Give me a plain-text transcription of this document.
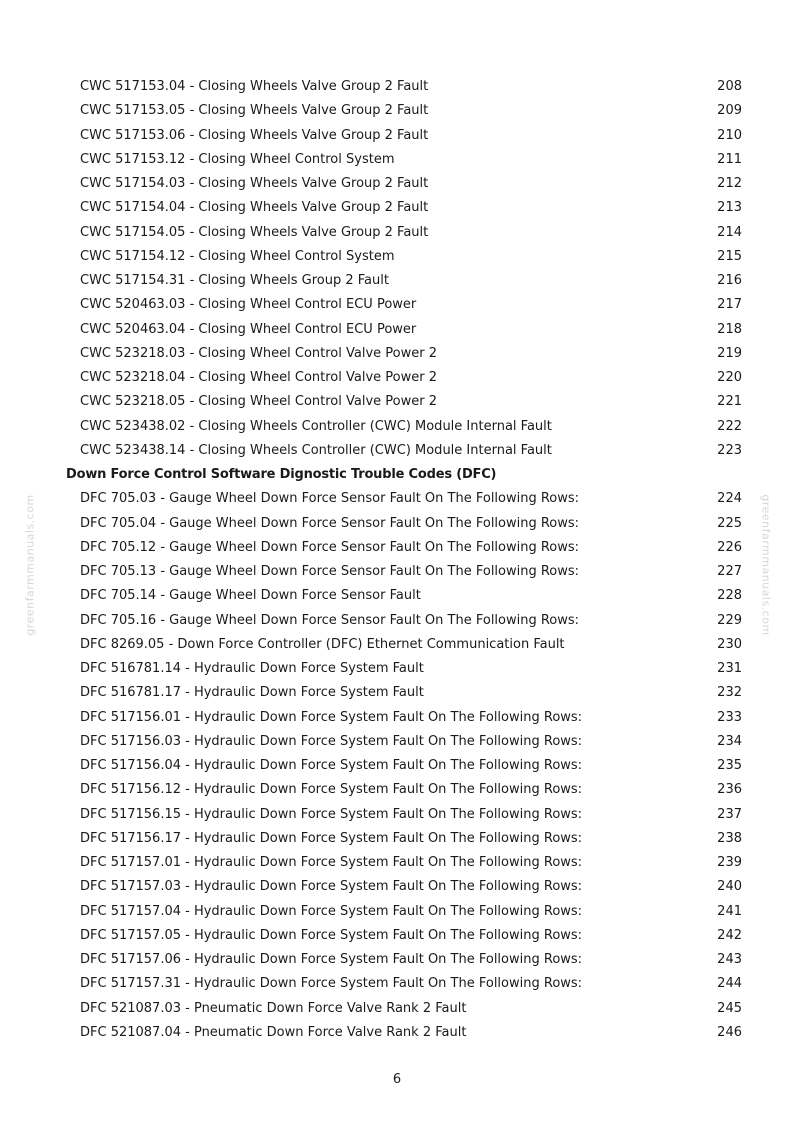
greenfarmmanuals.com	greenfarmmanuals.com
CWC 517153.04 - Closing Wheels Valve Group 2 Fault	208
CWC 517153.05 - Closing Wheels Valve Group 2 Fault	209
CWC 517153.06 - Closing Wheels Valve Group 2 Fault	210
CWC 517153.12 - Closing Wheel Control System	211
CWC 517154.03 - Closing Wheels Valve Group 2 Fault	212
CWC 517154.04 - Closing Wheels Valve Group 2 Fault	213
CWC 517154.05 - Closing Wheels Valve Group 2 Fault	214
CWC 517154.12 - Closing Wheel Control System	215
CWC 517154.31 - Closing Wheels Group 2 Fault	216
CWC 520463.03 - Closing Wheel Control ECU Power	217
CWC 520463.04 - Closing Wheel Control ECU Power	218
CWC 523218.03 - Closing Wheel Control Valve Power 2	219
CWC 523218.04 - Closing Wheel Control Valve Power 2	220
CWC 523218.05 - Closing Wheel Control Valve Power 2	221
CWC 523438.02 - Closing Wheels Controller (CWC) Module Internal Fault	222
CWC 523438.14 - Closing Wheels Controller (CWC) Module Internal Fault	223
Down Force Control Software Dignostic Trouble Codes (DFC)
DFC 705.03 - Gauge Wheel Down Force Sensor Fault On The Following Rows:	224
DFC 705.04 - Gauge Wheel Down Force Sensor Fault On The Following Rows:	225
DFC 705.12 - Gauge Wheel Down Force Sensor Fault On The Following Rows:	226
DFC 705.13 - Gauge Wheel Down Force Sensor Fault On The Following Rows:	227
DFC 705.14 - Gauge Wheel Down Force Sensor Fault	228
DFC 705.16 - Gauge Wheel Down Force Sensor Fault On The Following Rows:	229
DFC 8269.05 - Down Force Controller (DFC) Ethernet Communication Fault	230
DFC 516781.14 - Hydraulic Down Force System Fault	231
DFC 516781.17 - Hydraulic Down Force System Fault	232
DFC 517156.01 - Hydraulic Down Force System Fault On The Following Rows:	233
DFC 517156.03 - Hydraulic Down Force System Fault On The Following Rows:	234
DFC 517156.04 - Hydraulic Down Force System Fault On The Following Rows:	235
DFC 517156.12 - Hydraulic Down Force System Fault On The Following Rows:	236
DFC 517156.15 - Hydraulic Down Force System Fault On The Following Rows:	237
DFC 517156.17 - Hydraulic Down Force System Fault On The Following Rows:	238
DFC 517157.01 - Hydraulic Down Force System Fault On The Following Rows:	239
DFC 517157.03 - Hydraulic Down Force System Fault On The Following Rows:	240
DFC 517157.04 - Hydraulic Down Force System Fault On The Following Rows:	241
DFC 517157.05 - Hydraulic Down Force System Fault On The Following Rows:	242
DFC 517157.06 - Hydraulic Down Force System Fault On The Following Rows:	243
DFC 517157.31 - Hydraulic Down Force System Fault On The Following Rows:	244
DFC 521087.03 - Pneumatic Down Force Valve Rank 2 Fault	245
DFC 521087.04 - Pneumatic Down Force Valve Rank 2 Fault	246
6
